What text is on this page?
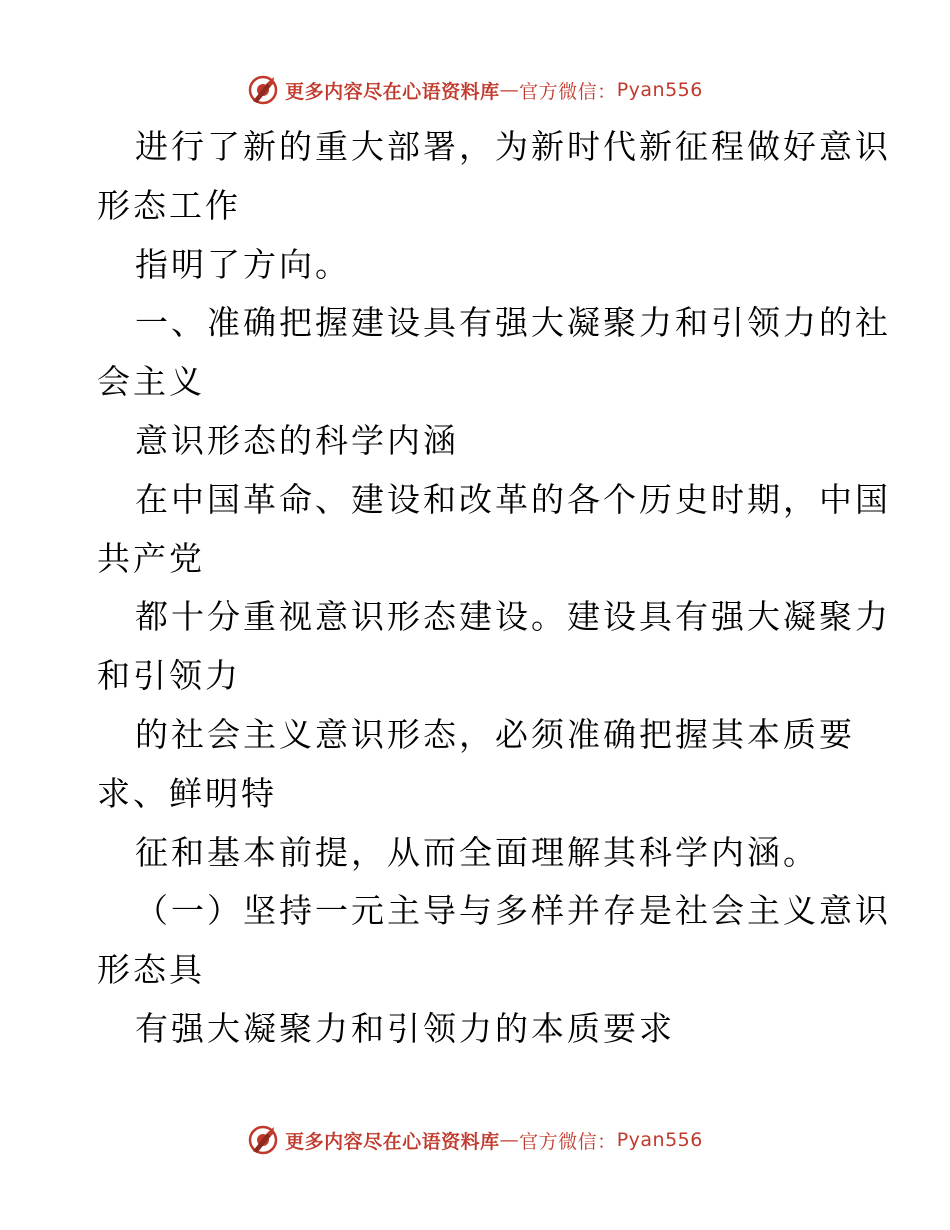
更多内容尽在心语资料库 — 官方微信： Pyan556
进行了新的重大部署，为新时代新征程做好意识
形态工作
指明了方向。
一、准确把握建设具有强大凝聚力和引领力的社
会主义
意识形态的科学内涵
在中国革命、建设和改革的各个历史时期，中国
共产党
都十分重视意识形态建设。建设具有强大凝聚力
和引领力
的社会主义意识形态，必须准确把握其本质要
求、鲜明特
征和基本前提，从而全面理解其科学内涵。
（一）坚持一元主导与多样并存是社会主义意识
形态具
有强大凝聚力和引领力的本质要求
更多内容尽在心语资料库 — 官方微信： Pyan556
